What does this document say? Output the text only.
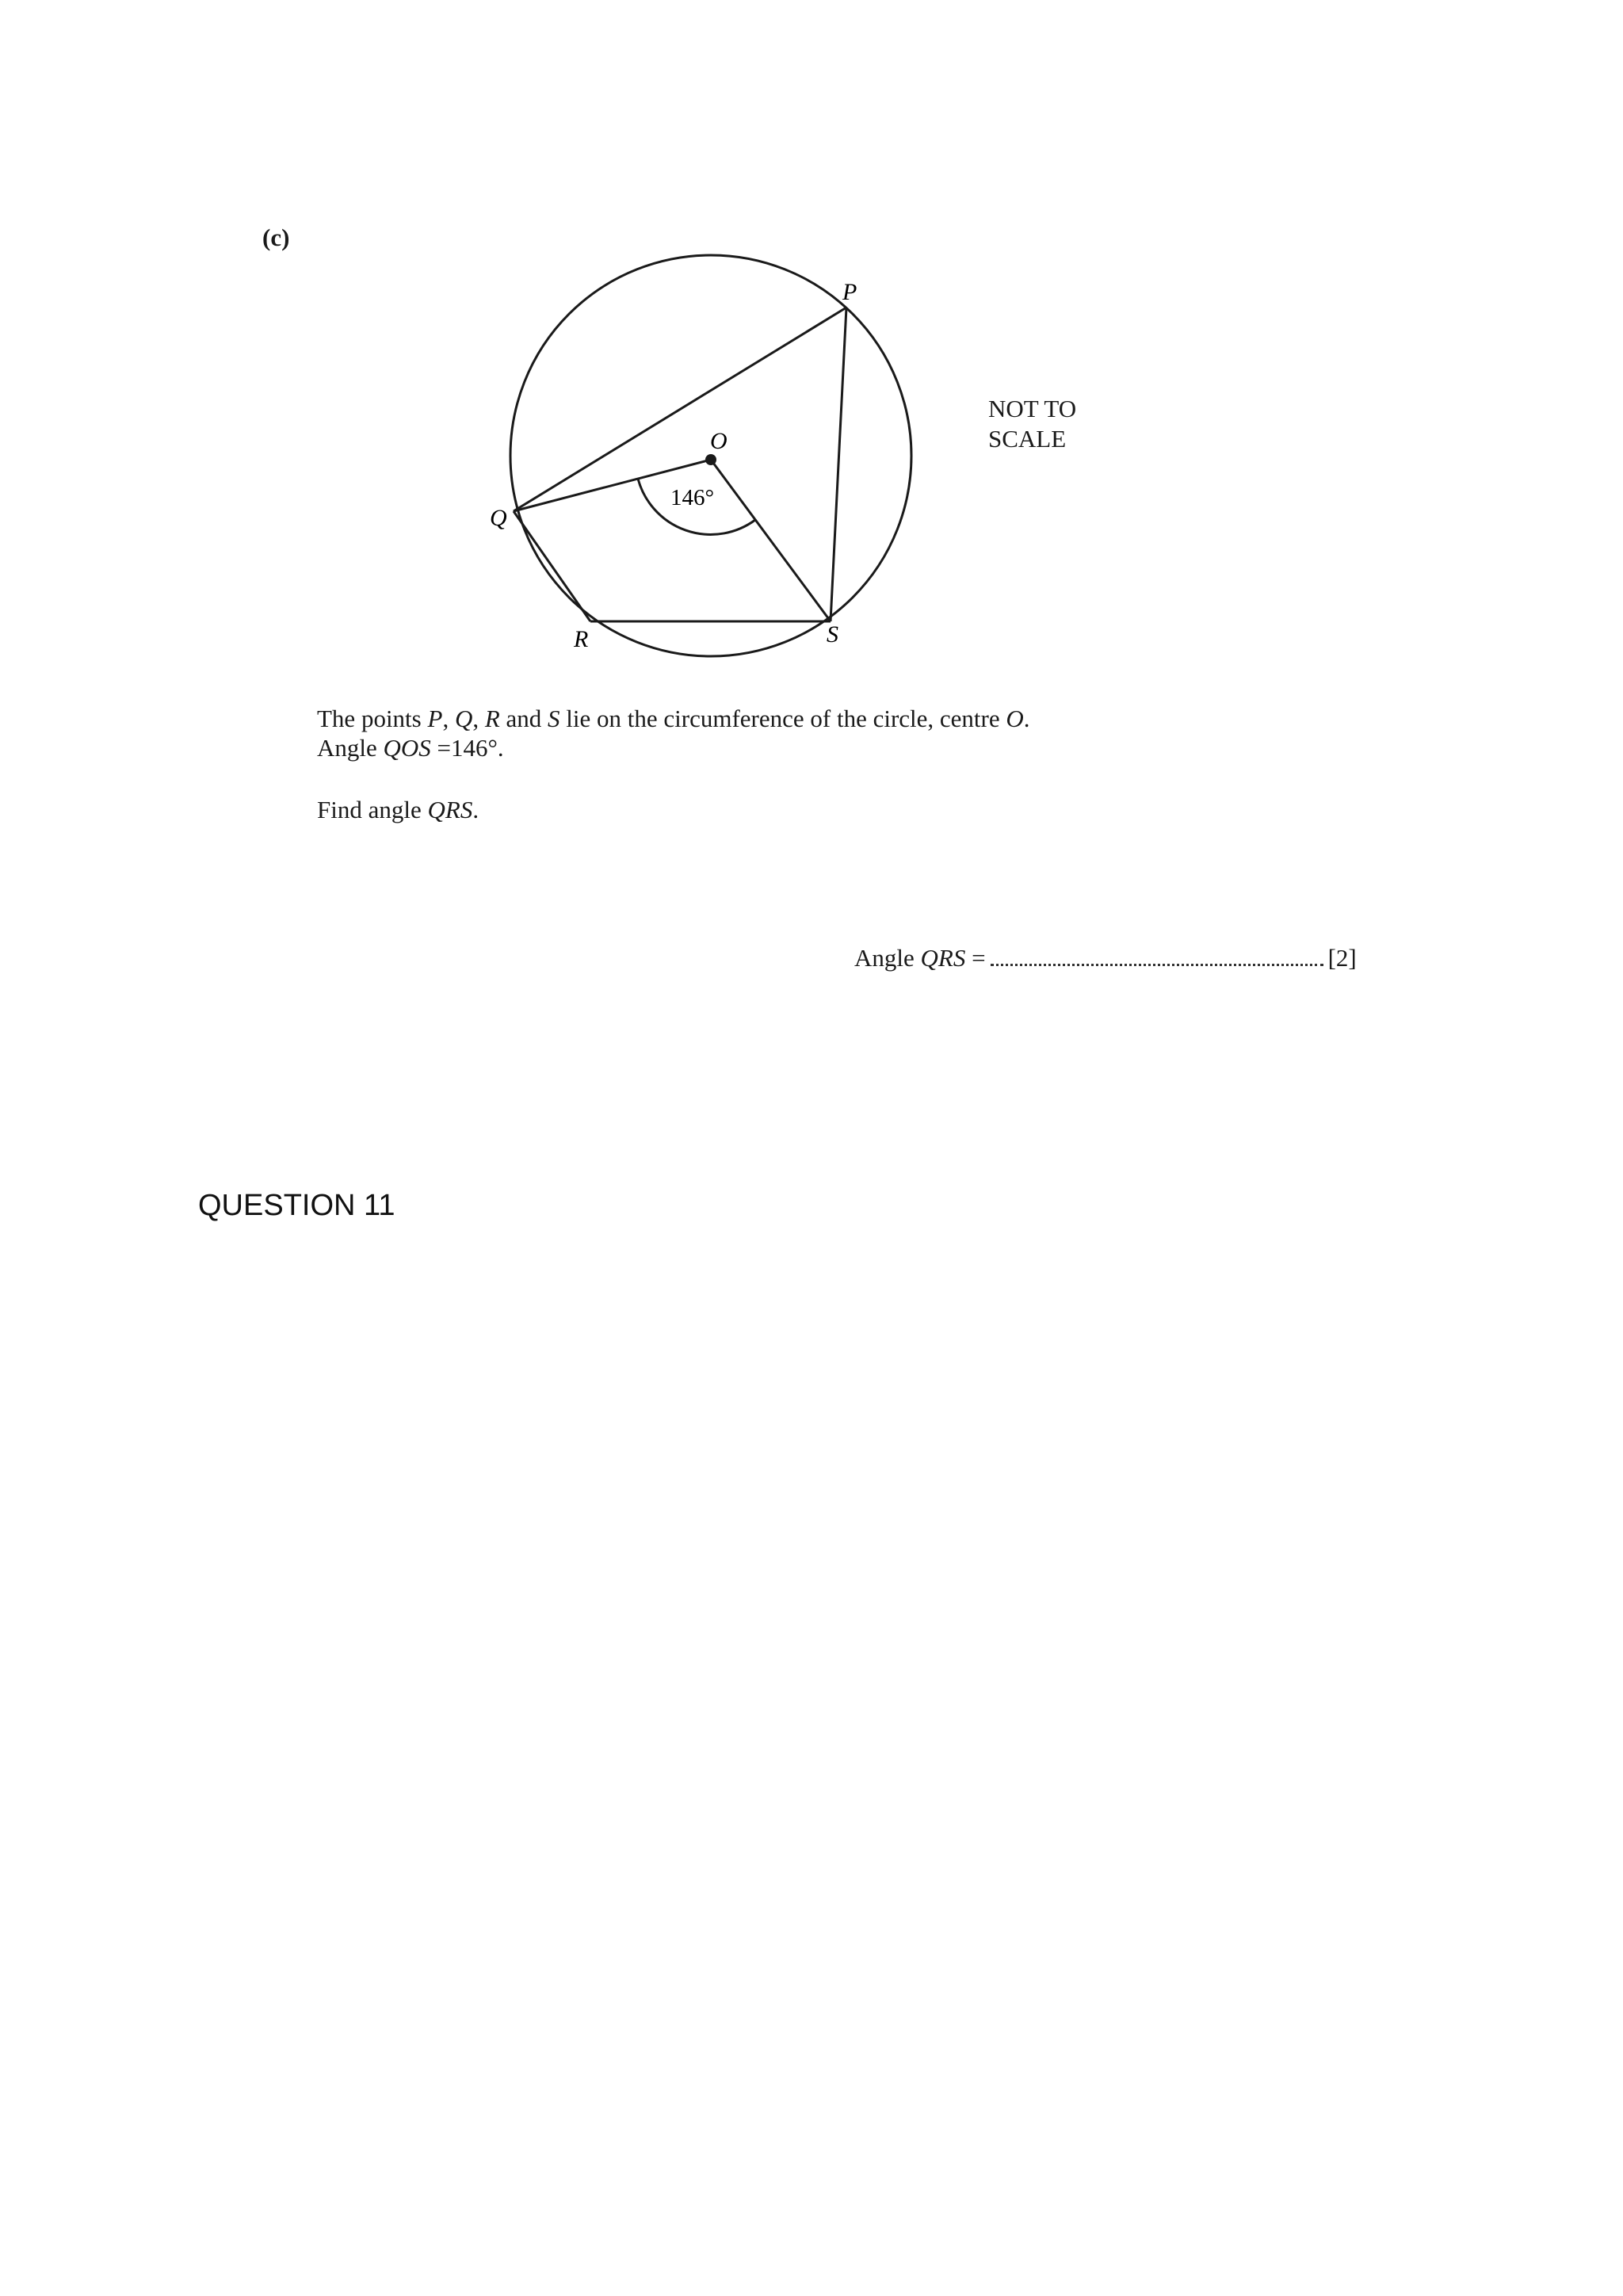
(c)
P
O
Q
R	S
146°
NOT TO
SCALE
The points P, Q, R and S lie on the circumference of the circle, centre O.
Angle QOS =146°.
Find angle QRS.
Angle QRS =	[2]
QUESTION 11
